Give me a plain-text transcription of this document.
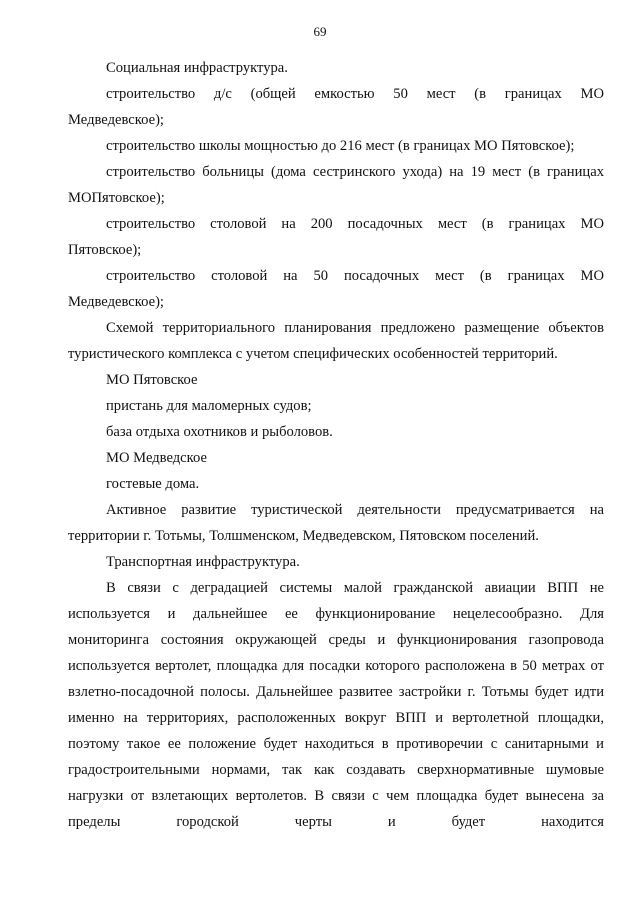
69

Социальная инфраструктура.

строительство д/с (общей емкостью 50 мест (в границах МО Медведевское);

строительство школы мощностью до 216 мест (в границах МО Пятовское);

строительство больницы (дома сестринского ухода) на 19 мест (в границах МОПятовское);

строительство столовой на 200 посадочных мест (в границах МО Пятовское);

строительство столовой на 50 посадочных мест (в границах МО Медведевское);

Схемой территориального планирования предложено размещение объектов туристического комплекса с учетом специфических особенностей территорий.

МО Пятовское

пристань для маломерных судов;

база отдыха охотников и рыболовов.

МО Медведское

гостевые дома.

Активное развитие туристической деятельности предусматривается на территории г. Тотьмы, Толшменском, Медведевском, Пятовском поселений.

Транспортная инфраструктура.

В связи с деградацией системы малой гражданской авиации ВПП не используется и дальнейшее ее функционирование нецелесообразно. Для мониторинга состояния окружающей среды и функционирования газопровода используется вертолет, площадка для посадки которого расположена в 50 метрах от взлетно-посадочной полосы. Дальнейшее развитее застройки г. Тотьмы будет идти именно на территориях, расположенных вокруг ВПП и вертолетной площадки, поэтому такое ее положение будет находиться в противоречии с санитарными и градостроительными нормами, так как создавать сверхнормативные шумовые нагрузки от взлетающих вертолетов. В связи с чем площадка будет вынесена за пределы городской черты и будет находится
